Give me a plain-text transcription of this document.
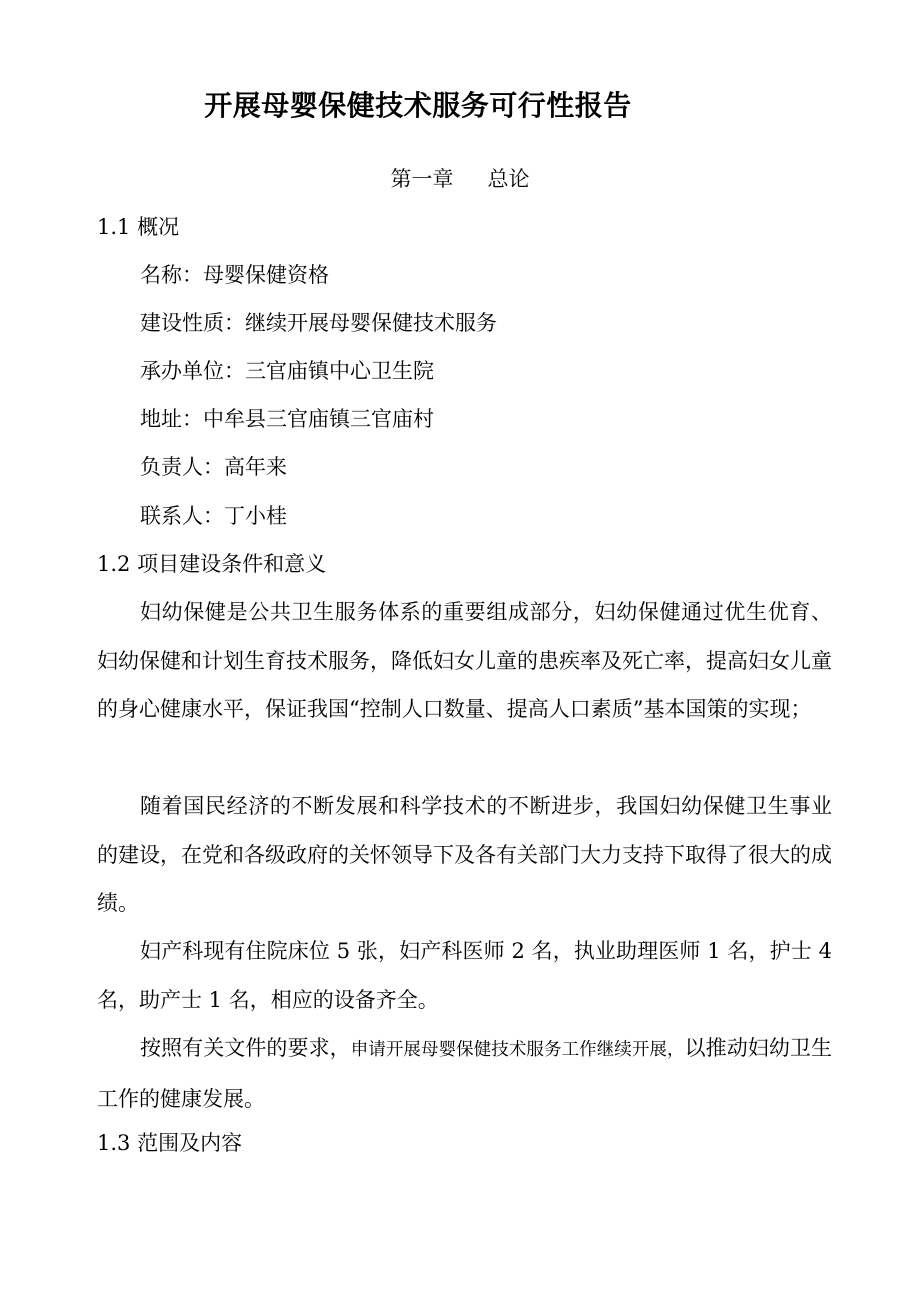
开展母婴保健技术服务可行性报告
第一章 总论
1.1 概况
名称：母婴保健资格
建设性质：继续开展母婴保健技术服务
承办单位：三官庙镇中心卫生院
地址：中牟县三官庙镇三官庙村
负责人：高年来
联系人：丁小桂
1.2 项目建设条件和意义
妇幼保健是公共卫生服务体系的重要组成部分，妇幼保健通过优生优育、妇幼保健和计划生育技术服务，降低妇女儿童的患疾率及死亡率，提高妇女儿童的身心健康水平，保证我国“控制人口数量、提高人口素质”基本国策的实现；
随着国民经济的不断发展和科学技术的不断进步，我国妇幼保健卫生事业的建设，在党和各级政府的关怀领导下及各有关部门大力支持下取得了很大的成绩。
妇产科现有住院床位 5 张，妇产科医师 2 名，执业助理医师 1 名，护士 4 名，助产士 1 名，相应的设备齐全。
按照有关文件的要求，申请开展母婴保健技术服务工作继续开展，以推动妇幼卫生工作的健康发展。
1.3 范围及内容
